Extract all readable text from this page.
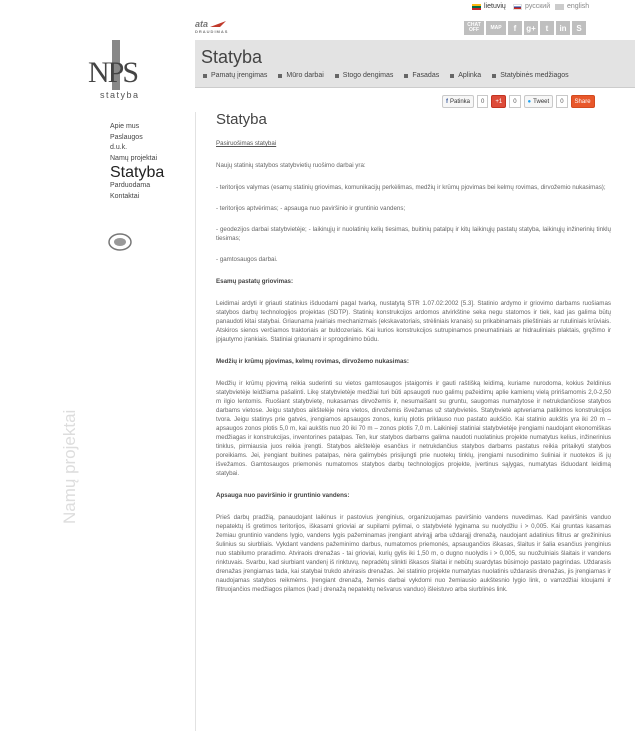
lietuvių	русский english
ata
DRAUDIMAS
CHAT OFF	MAP	f	g+	t	in	S
NPS
statyba
Statyba
Pamatų įrengimas	Mūro darbai	Stogo dengimas	Fasadas	Aplinka	Statybinės medžiagos
f Patinka	0	+1	0	● Tweet	0	Share
Apie mus
Paslaugos
d.u.k.
Namų projektai
Statyba
Parduodama
Kontaktai
Namų projektai
Statyba

Pasiruošimas statybai

Naujų statinių statybos statybvietių ruošimo darbai yra:

- teritorijos valymas (esamų statinių griovimas, komunikacijų perkėlimas, medžių ir krūmų pjovimas bei kelmų rovimas, dirvožemio nukasimas);

- teritorijos aptvėrimas; - apsauga nuo paviršinio ir gruntinio vandens;

- geodezijos darbai statybvietėje; - laikinųjų ir nuolatinių kelių tiesimas, buitinių patalpų ir kitų laikinųjų pastatų statyba, laikinųjų inžinerinių tinklų tiesimas;

- gamtosaugos darbai.

Esamų pastatų griovimas:

Leidimai ardyti ir griauti statinius išduodami pagal tvarką, nustatytą STR 1.07.02:2002 [5.3]. Statinio ardymo ir griovimo darbams ruošiamas statybos darbų technologijos projektas (SDTP). Statinių konstrukcijos ardomos atvirkštine seka negu statomos ir tiek, kad jas galima būtų panaudoti kitai statybai. Griaunama įvairiais mechanizmais (ekskavatoriais, strėliniais kranais) su prikabinamais plieštiniais ar rutuliniais krūviais. Atskiros sienos verčiamos traktoriais ar buldozeriais. Kai kurios konstrukcijos sutrupinamos pneumatiniais ar hidrauliniais plaktais, gręžimo ir įpjautymo įrankiais. Statiniai griaunami ir sprogdinimo būdu.

Medžių ir krūmų pjovimas, kelmų rovimas, dirvožemo nukasimas:

Medžių ir krūmų pjovimą reikia suderinti su vietos gamtosaugos įstaigomis ir gauti raštišką leidimą, kuriame nurodoma, kokius želdinius statybvietėje leidžiama pašalinti. Likę statybvietėje medžiai turi būti apsaugoti nuo galimų pažeidimų aplie kamienų vielą pririšamomis 2,0-2,50 m ilgio lentomis. Ruošiant statybvietę, nukasamas dirvožemis ir, nesumaišant su gruntu, saugomas numatytose ir netrukdančiose statybos darbams vietose. Jeigu statybos aikštelėje nėra vietos, dirvožemis išvežamas už statybvietės. Statybvietė aptveriama patikimos konstrukcijos tvora. Jeigu statinys prie gatvės, įrengiamos apsaugos zonos, kurių plotis priklauso nuo pastato aukščio. Kai statinio aukštis yra iki 20 m – apsaugos zonos plotis 5,0 m, kai aukštis nuo 20 iki 70 m – zonos plotis 7,0 m. Laikinieji statiniai statybvietėje įrengiami naudojant ekonomiškas medžiagas ir konstrukcijas, inventorines patalpas. Ten, kur statybos darbams galima naudoti nuolatinius projekte numatytus kelius, inžinerinius tinklus, pirmiausia juos reikia įrengti. Statybos aikštelėje esančius ir netrukdančius statybos darbams pastatus reikia pritaikyti statybos poreikiams. Jei, įrengiant buitines patalpas, nėra galimybės prisijungti prie nuotekų tinklų, įrengiami nusodinimo šuliniai ir nuotekos iš jų išvežamos. Gamtosaugos priemonės numatomos statybos darbų technologijos projekte, įvertinus sąlygas, numatytas išduodant leidimą statybai.

Apsauga nuo paviršinio ir gruntinio vandens:

Prieš darbų pradžią, panaudojant laikinus ir pastovius įrenginius, organizuojamas paviršinio vandens nuvedimas. Kad paviršinis vanduo nepatektų iš gretimos teritorijos, iškasami grioviai ar supilami pylimai, o statybvietė lyginama su nuolydžiu i > 0,005. Kai gruntas kasamas žemiau gruntinio vandens lygio, vandens lygis pažeminamas įrengiant atvirąjį arba uždarąjį drenažą, naudojant adatinius filtrus ar grežininius šulinius su siurbliais. Vykdant vandens pažeminimo darbus, numatomos priemonės, apsaugančios iškasas, šlaitus ir šalia esančius įrenginius nuo stabilumo praradimo. Atviraois drenažas - tai grioviai, kurių gylis iki 1,50 m, o dugno nuolydis i > 0,005, su nuožulniais šlaitais ir vandens rinktuvais. Svarbu, kad siurbiant vandenį iš rinktuvų, nepradėtų slinkti iškasos šlaitai ir nebūtų suardytas būsimojo pastato pagrindas. Uždarasis drenažas įrengiamas tada, kai statybai trukdo atvirasis drenažas. Jei statinio projekte numatytas nuolatinis uždarasis drenažas, jis įrengiamas ir naudojamas statybos reikmėms. Įrengiant drenažą, žemės darbai vykdomi nuo žemiausio aukštesnio lygio link, o vamzdžiai kloujami ir filtruojančios medžiagos pilamos (kad į drenažą nepatektų nešvarus vanduo) išleistuvo arba siurblinės link.
